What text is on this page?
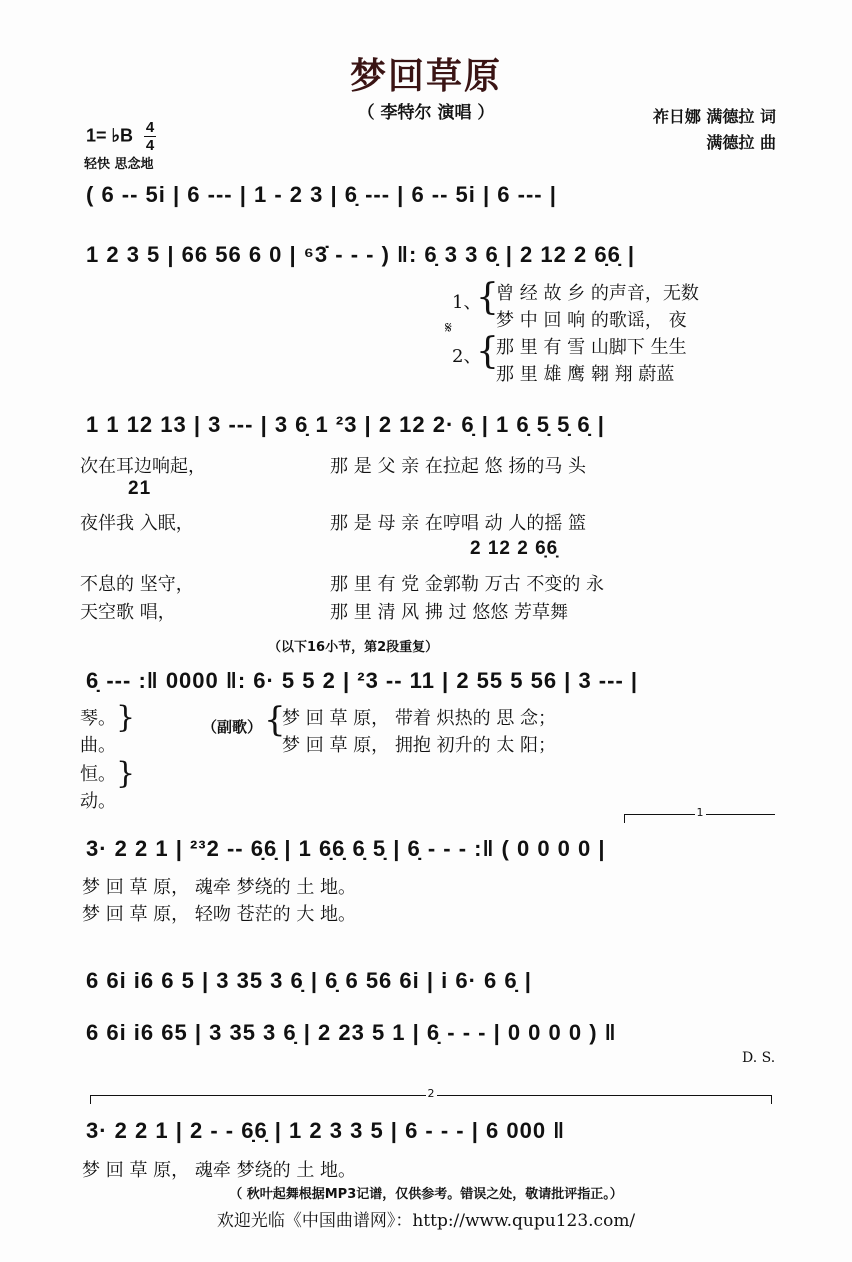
梦回草原
（ 李特尔 演唱 ）	祚日娜 满德拉 词
满德拉 曲
1= ♭B $\frac{4}{4}$
轻快 思念地
( 6 -- 5i | 6 --- | 1 - 2 3 | 6̣ --- | 6 -- 5i | 6 --- |
1 2 3 5 | 66 56 6 0 | ⁶3̇ - - - ) ‖: 6̣ 3 3 6̣ | 2 12 2 6̣6̣ |
1、
𝄋
2、
{
{
曾 经 故 乡 的声音，无数
梦 中 回 响 的歌谣， 夜
那 里 有 雪 山脚下 生生
那 里 雄 鹰 翱 翔 蔚蓝
1 1 12 13 | 3 --- | 3 6̣ 1 ²3 | 2 12 2· 6̣ | 1 6̣ 5̣ 5̣ 6̣ |
次在耳边响起，	那 是 父 亲 在拉起 悠 扬的马 头
21
夜伴我 入眠，	那 是 母 亲 在哼唱 动 人的摇 篮
2 12 2 6̣6̣
不息的 坚守，	那 里 有 党 金郭勒 万古 不变的 永
天空歌 唱，	那 里 清 风 拂 过 悠悠 芳草舞
（以下16小节，第2段重复）
6̣ --- :‖ 0000 ‖: 6· 5 5 2 | ²3 -- 11 | 2 55 5 56 | 3 --- |
琴。
曲。
恒。
动。
}
}
（副歌） {
梦 回 草 原， 带着 炽热的 思 念；
梦 回 草 原， 拥抱 初升的 太 阳；
1
3· 2 2 1 | ²³2 -- 6̣6̣ | 1 6̣6̣ 6̣ 5̣ | 6̣ - - - :‖ ( 0 0 0 0 |
梦 回 草 原， 魂牵 梦绕的 土 地。
梦 回 草 原， 轻吻 苍茫的 大 地。
6 6i i6 6 5 | 3 35 3 6̣ | 6̣ 6 56 6i | i 6· 6 6̣ |
6 6i i6 65 | 3 35 3 6̣ | 2 23 5 1 | 6̣ - - - | 0 0 0 0 ) ‖
D. S.
2
3· 2 2 1 | 2 - - 6̣6̣ | 1 2 3 3 5 | 6 - - - | 6 000 ‖
梦 回 草 原， 魂牵 梦绕的 土 地。
（ 秋叶起舞根据MP3记谱，仅供参考。错误之处，敬请批评指正。）
欢迎光临《中国曲谱网》：http://www.qupu123.com/
